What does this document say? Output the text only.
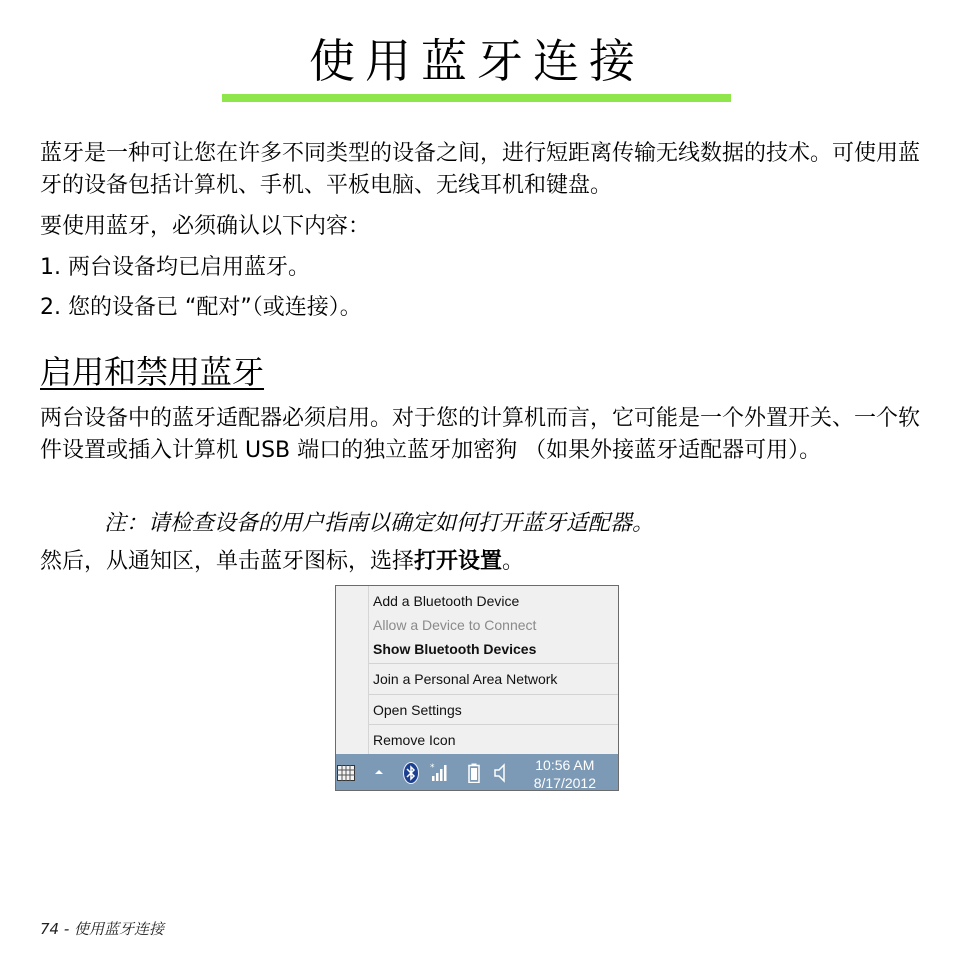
使用蓝牙连接

蓝牙是一种可让您在许多不同类型的设备之间，进行短距离传输无线数据的技术。可使用蓝牙的设备包括计算机、手机、平板电脑、无线耳机和键盘。

要使用蓝牙，必须确认以下内容：

1. 两台设备均已启用蓝牙。

2. 您的设备已 “配对”（或连接）。

启用和禁用蓝牙

两台设备中的蓝牙适配器必须启用。对于您的计算机而言，它可能是一个外置开关、一个软件设置或插入计算机 USB 端口的独立蓝牙加密狗 （如果外接蓝牙适配器可用）。

注：请检查设备的用户指南以确定如何打开蓝牙适配器。

然后，从通知区，单击蓝牙图标，选择打开设置。

Add a Bluetooth Device
Allow a Device to Connect
Show Bluetooth Devices
Join a Personal Area Network
Open Settings
Remove Icon
*	10:56 AM
8/17/2012
74 - 使用蓝牙连接
